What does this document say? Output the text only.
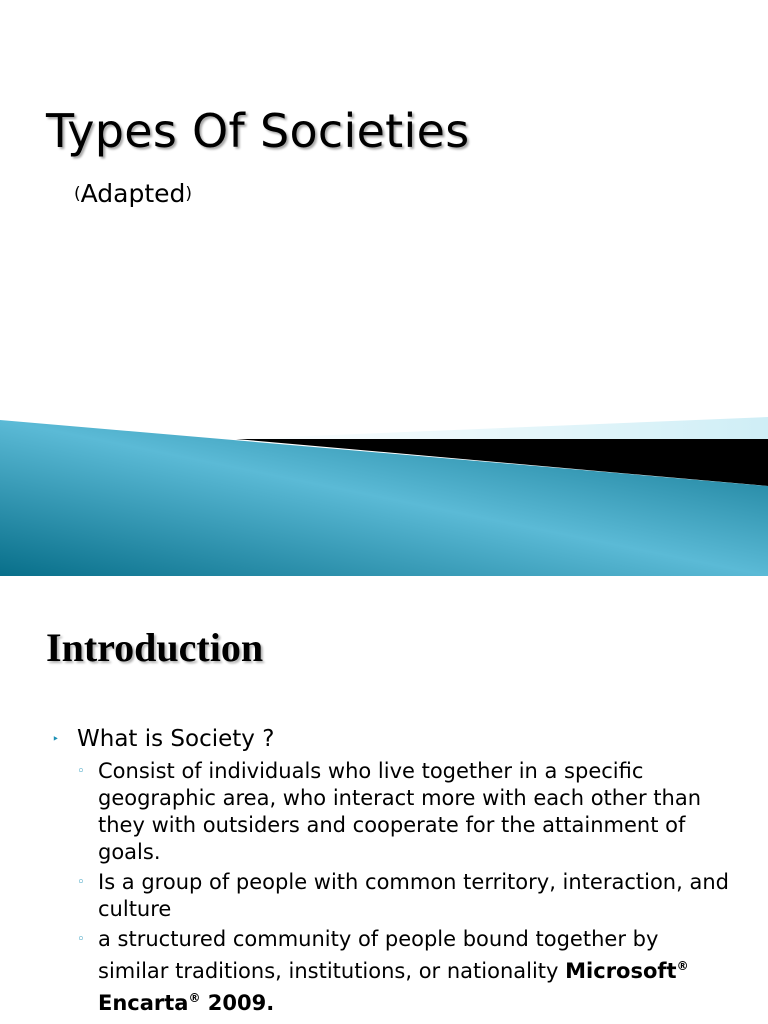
Types Of Societies
(Adapted)
Introduction
‣ What is Society ?
◦ Consist of individuals who live together in a specific geographic area, who interact more with each other than they with outsiders and cooperate for the attainment of goals.
◦ Is a group of people with common territory, interaction, and culture
◦ a structured community of people bound together by similar traditions, institutions, or nationality Microsoft® Encarta® 2009.
